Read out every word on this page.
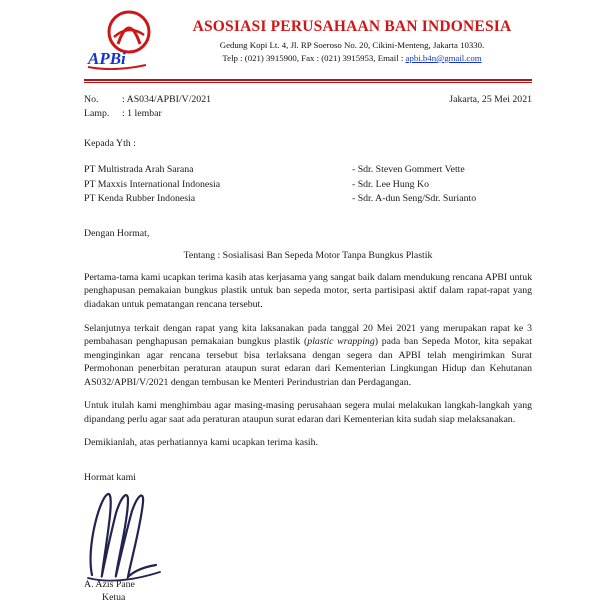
APBi
ASOSIASI PERUSAHAAN BAN INDONESIA
Gedung Kopi Lt. 4, Jl. RP Soeroso No. 20, Cikini-Menteng, Jakarta 10330.
Telp : (021) 3915900, Fax : (021) 3915953, Email : apbi.b4n@gmail.com
No.	: AS034/APBI/V/2021
Lamp.	: 1 lembar
Jakarta, 25 Mei 2021
Kepada Yth :
PT Multistrada Arah Sarana	- Sdr. Steven Gommert Vette
PT Maxxis International Indonesia	- Sdr. Lee Hung Ko
PT Kenda Rubber Indonesia	- Sdr. A-dun Seng/Sdr. Surianto
Dengan Hormat,
Tentang : Sosialisasi Ban Sepeda Motor Tanpa Bungkus Plastik

Pertama-tama kami ucapkan terima kasih atas kerjasama yang sangat baik dalam mendukung rencana APBI untuk penghapusan pemakaian bungkus plastik untuk ban sepeda motor, serta partisipasi aktif dalam rapat-rapat yang diadakan untuk pematangan rencana tersebut.

Selanjutnya terkait dengan rapat yang kita laksanakan pada tanggal 20 Mei 2021 yang merupakan rapat ke 3 pembahasan penghapusan pemakaian bungkus plastik (plastic wrapping) pada ban Sepeda Motor, kita sepakat menginginkan agar rencana tersebut bisa terlaksana dengan segera dan APBI telah mengirimkan Surat Permohonan penerbitan peraturan ataupun surat edaran dari Kementerian Lingkungan Hidup dan Kehutanan AS032/APBI/V/2021 dengan tembusan ke Menteri Perindustrian dan Perdagangan.

Untuk itulah kami menghimbau agar masing-masing perusahaan segera mulai melakukan langkah-langkah yang dipandang perlu agar saat ada peraturan ataupun surat edaran dari Kementerian kita sudah siap melaksanakan.

Demikianlah, atas perhatiannya kami ucapkan terima kasih.

Hormat kami
A. Azis Pane
Ketua
